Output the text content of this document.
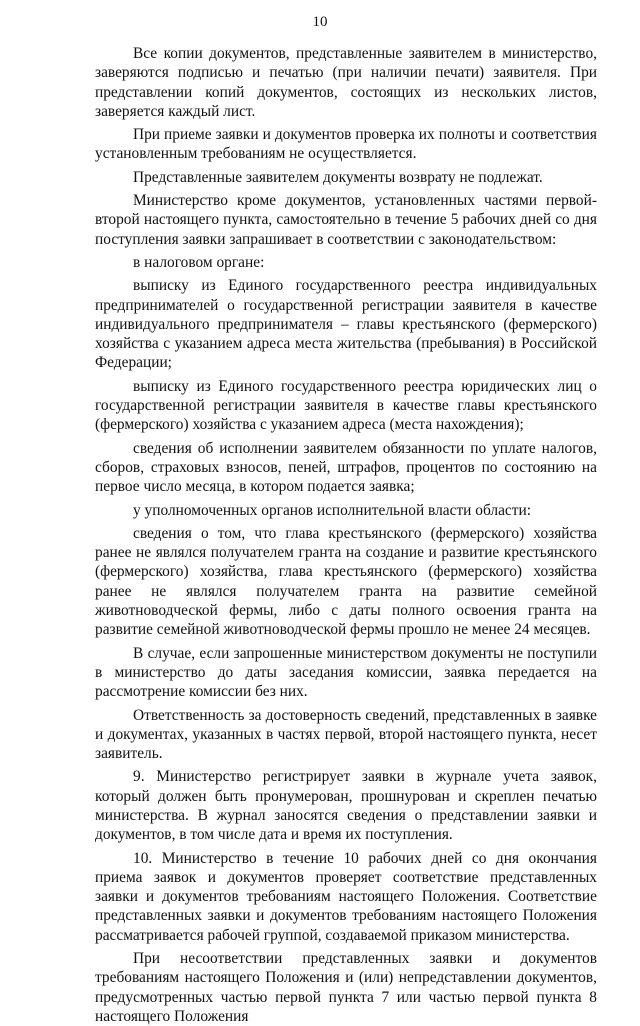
10

Все копии документов, представленные заявителем в министерство, заверяются подписью и печатью (при наличии печати) заявителя. При представлении копий документов, состоящих из нескольких листов, заверяется каждый лист.

При приеме заявки и документов проверка их полноты и соответствия установленным требованиям не осуществляется.

Представленные заявителем документы возврату не подлежат.

Министерство кроме документов, установленных частями первой-второй настоящего пункта, самостоятельно в течение 5 рабочих дней со дня поступления заявки запрашивает в соответствии с законодательством:

в налоговом органе:

выписку из Единого государственного реестра индивидуальных предпринимателей о государственной регистрации заявителя в качестве индивидуального предпринимателя – главы крестьянского (фермерского) хозяйства с указанием адреса места жительства (пребывания) в Российской Федерации;

выписку из Единого государственного реестра юридических лиц о государственной регистрации заявителя в качестве главы крестьянского (фермерского) хозяйства с указанием адреса (места нахождения);

сведения об исполнении заявителем обязанности по уплате налогов, сборов, страховых взносов, пеней, штрафов, процентов по состоянию на первое число месяца, в котором подается заявка;

у уполномоченных органов исполнительной власти области:

сведения о том, что глава крестьянского (фермерского) хозяйства ранее не являлся получателем гранта на создание и развитие крестьянского (фермерского) хозяйства, глава крестьянского (фермерского) хозяйства ранее не являлся получателем гранта на развитие семейной животноводческой фермы, либо с даты полного освоения гранта на развитие семейной животноводческой фермы прошло не менее 24 месяцев.

В случае, если запрошенные министерством документы не поступили в министерство до даты заседания комиссии, заявка передается на рассмотрение комиссии без них.

Ответственность за достоверность сведений, представленных в заявке и документах, указанных в частях первой, второй настоящего пункта, несет заявитель.

9. Министерство регистрирует заявки в журнале учета заявок, который должен быть пронумерован, прошнурован и скреплен печатью министерства. В журнал заносятся сведения о представлении заявки и документов, в том числе дата и время их поступления.

10. Министерство в течение 10 рабочих дней со дня окончания приема заявок и документов проверяет соответствие представленных заявки и документов требованиям настоящего Положения. Соответствие представленных заявки и документов требованиям настоящего Положения рассматривается рабочей группой, создаваемой приказом министерства.

При несоответствии представленных заявки и документов требованиям настоящего Положения и (или) непредставлении документов, предусмотренных частью первой пункта 7 или частью первой пункта 8 настоящего Положения
